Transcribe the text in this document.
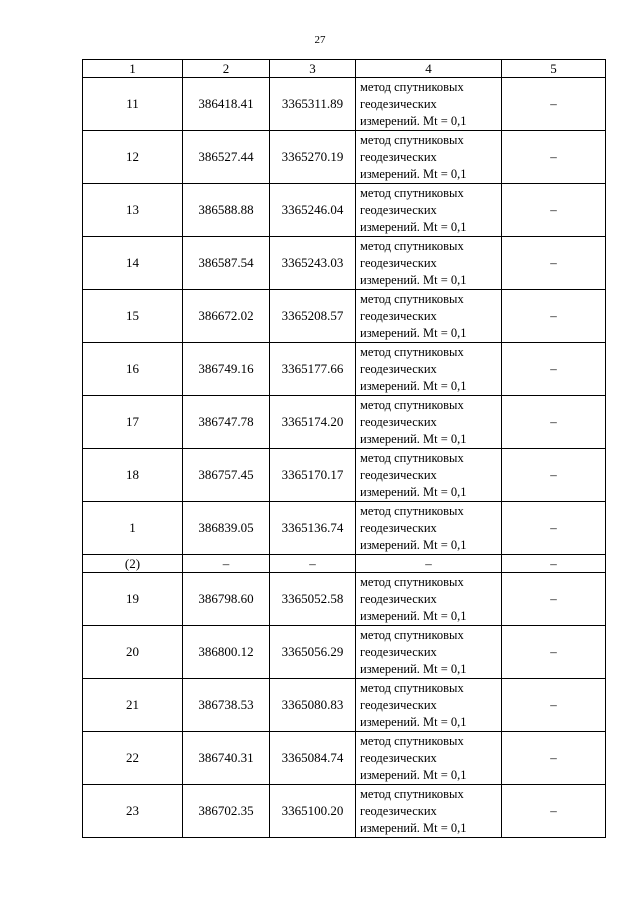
27
1	2	3	4	5
11	386418.41	3365311.89	метод спутниковых
геодезических
измерений. Mt = 0,1	–
12	386527.44	3365270.19	метод спутниковых
геодезических
измерений. Mt = 0,1	–
13	386588.88	3365246.04	метод спутниковых
геодезических
измерений. Mt = 0,1	–
14	386587.54	3365243.03	метод спутниковых
геодезических
измерений. Mt = 0,1	–
15	386672.02	3365208.57	метод спутниковых
геодезических
измерений. Mt = 0,1	–
16	386749.16	3365177.66	метод спутниковых
геодезических
измерений. Mt = 0,1	–
17	386747.78	3365174.20	метод спутниковых
геодезических
измерений. Mt = 0,1	–
18	386757.45	3365170.17	метод спутниковых
геодезических
измерений. Mt = 0,1	–
1	386839.05	3365136.74	метод спутниковых
геодезических
измерений. Mt = 0,1	–
(2)	–	–	–	–
19	386798.60	3365052.58	метод спутниковых
геодезических
измерений. Mt = 0,1	–
20	386800.12	3365056.29	метод спутниковых
геодезических
измерений. Mt = 0,1	–
21	386738.53	3365080.83	метод спутниковых
геодезических
измерений. Mt = 0,1	–
22	386740.31	3365084.74	метод спутниковых
геодезических
измерений. Mt = 0,1	–
23	386702.35	3365100.20	метод спутниковых
геодезических
измерений. Mt = 0,1	–
